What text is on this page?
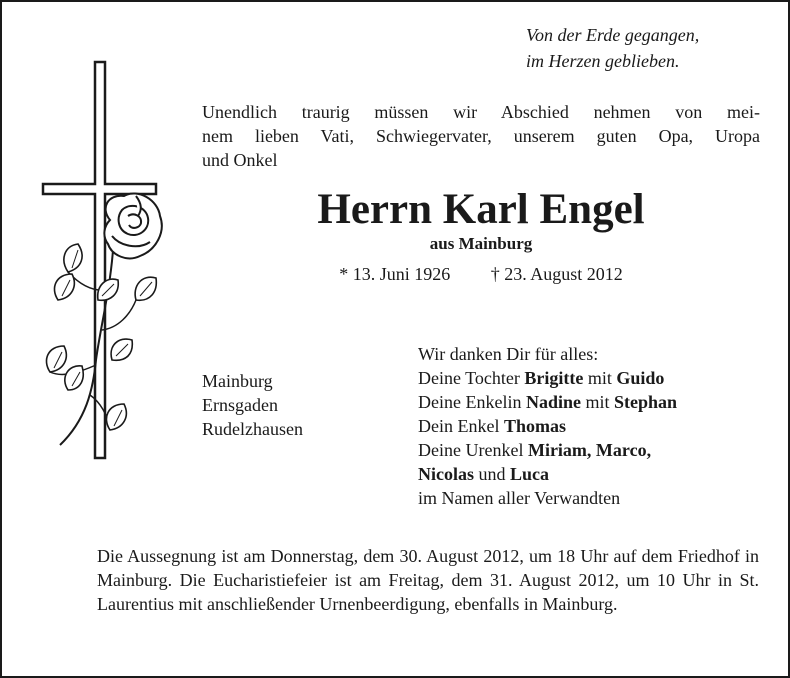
Von der Erde gegangen,
im Herzen geblieben.
Unendlich traurig müssen wir Abschied nehmen von mei-
nem lieben Vati, Schwiegervater, unserem guten Opa, Uropa
und Onkel
Herrn Karl Engel
aus Mainburg
* 13. Juni 1926 † 23. August 2012
Mainburg
Ernsgaden
Rudelzhausen
Wir danken Dir für alles:
Deine Tochter Brigitte mit Guido
Deine Enkelin Nadine mit Stephan
Dein Enkel Thomas
Deine Urenkel Miriam, Marco,
Nicolas und Luca
im Namen aller Verwandten
Die Aussegnung ist am Donnerstag, dem 30. August 2012, um 18 Uhr auf dem Friedhof in Mainburg. Die Eucharistiefeier ist am Freitag, dem 31. August 2012, um 10 Uhr in St. Laurentius mit anschließender Urnenbeerdigung, ebenfalls in Mainburg.
